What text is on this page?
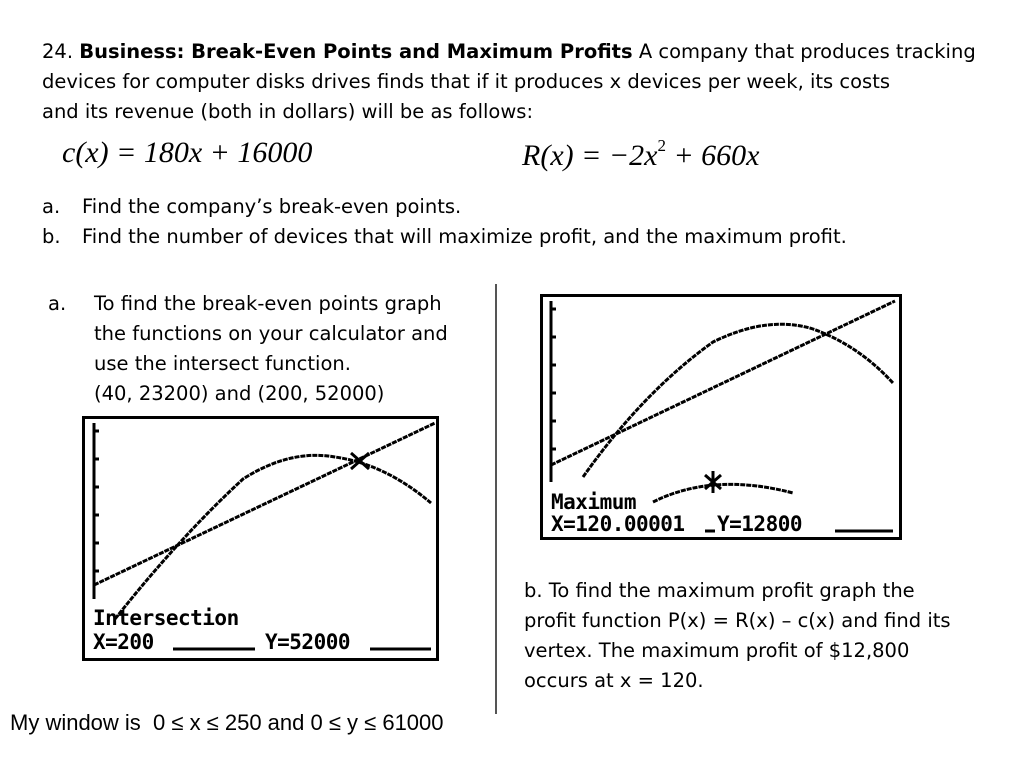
24. Business: Break-Even Points and Maximum Profits A company that produces tracking
devices for computer disks drives finds that if it produces x devices per week, its costs
and its revenue (both in dollars) will be as follows:
c(x) = 180x + 16000	$R(x) = -2x^2 + 660x$
a. Find the company’s break-even points.
b. Find the number of devices that will maximize profit, and the maximum profit.
a. To find the break-even points graph
the functions on your calculator and
use the intersect function.
(40, 23200) and (200, 52000)
Intersection
X=200	Y=52000
Maximum
X=120.00001 Y=12800
b. To find the maximum profit graph the
profit function P(x) = R(x) – c(x) and find its
vertex. The maximum profit of $12,800
occurs at x = 120.
My window is  0 ≤ x ≤ 250 and 0 ≤ y ≤ 61000
